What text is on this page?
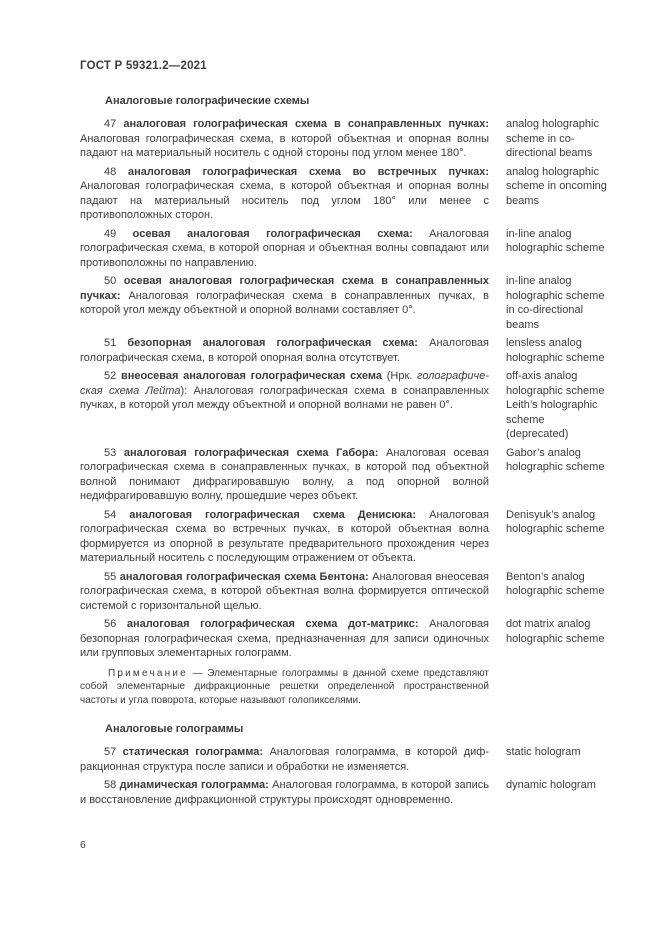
ГОСТ Р 59321.2—2021
Аналоговые голографические схемы

47 аналоговая голографическая схема в сонаправленных пучках: Аналоговая голографическая схема, в которой объектная и опорная волны падают на материальный носитель с одной стороны под углом менее 180°.

analog holographic
scheme in co-
directional beams

48 аналоговая голографическая схема во встречных пучках: Аналоговая голографическая схема, в которой объектная и опорная волны падают на материальный носитель под углом 180° или менее с противоположных сторон.

analog holographic
scheme in oncoming
beams

49 осевая аналоговая голографическая схема: Аналоговая голографическая схема, в которой опорная и объектная волны совпадают или противоположны по направлению.

in-line analog
holographic scheme

50 осевая аналоговая голографическая схема в сонаправленных пучках: Аналоговая голографическая схема в сонаправленных пучках, в которой угол между объектной и опорной волнами составляет 0°.

in-line analog
holographic scheme
in co-directional
beams

51 безопорная аналоговая голографическая схема: Аналоговая голографическая схема, в которой опорная волна отсутствует.

lensless analog
holographic scheme

52 внеосевая аналоговая голографическая схема (Нрк. голографическая схема Лейта): Аналоговая голографическая схема в сонаправленных пучках, в которой угол между объектной и опорной волнами не равен 0°.

off-axis analog
holographic scheme
Leith’s holographic
scheme
(deprecated)

53 аналоговая голографическая схема Габора: Аналоговая осевая голографическая схема в сонаправленных пучках, в которой под объектной волной понимают дифрагировавшую волну, а под опорной волной недифрагировавшую волну, прошедшие через объект.

Gabor’s analog
holographic scheme

54 аналоговая голографическая схема Денисюка: Аналоговая голографическая схема во встречных пучках, в которой объектная волна формируется из опорной в результате предварительного прохождения через материальный носитель с последующим отражением от объекта.

Denisyuk’s analog
holographic scheme

55 аналоговая голографическая схема Бентона: Аналоговая внеосевая голографическая схема, в которой объектная волна формируется оптической системой с горизонтальной щелью.

Benton’s analog
holographic scheme

56 аналоговая голографическая схема дот-матрикс: Аналоговая безопорная голографическая схема, предназначенная для записи одиночных или групповых элементарных голограмм.

Примечание — Элементарные голограммы в данной схеме представляют собой элементарные дифракционные решетки определенной пространственной частоты и угла поворота, которые называют голопикселями.

dot matrix analog
holographic scheme
Аналоговые голограммы

57 статическая голограмма: Аналоговая голограмма, в которой дифракционная структура после записи и обработки не изменяется.

static hologram

58 динамическая голограмма: Аналоговая голограмма, в которой запись и восстановление дифракционной структуры происходят одновременно.

dynamic hologram
6
